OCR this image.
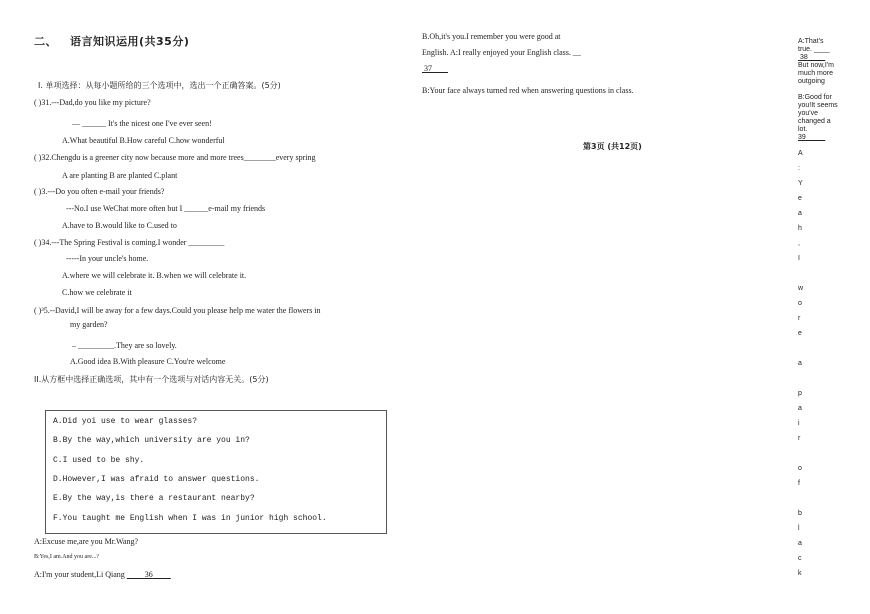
二、 语言知识运用(共35分)
I. 单项选择：从每小题所给的三个选项中，选出一个正确答案。(5分)
( )31.---Dad,do you like my picture?
— ______ It's the nicest one I've ever seen!
A.What beautiful B.How careful C.how wonderful
( )32.Chengdu is a greener city now because more and more trees________every spring
A are planting B are planted C.plant
( )3.---Do you often e-mail your friends?
---No.I use WeChat more often but I ______e-mail my friends
A.have to B.would like to C.used to
( )34.---The Spring Festival is coming.I wonder _________
-----In your uncle's home.
A.where we will celebrate it. B.when we will celebrate it.
C.how we celebrate it
( )³5.--David,I will be away for a few days.Could you please help me water the flowers in
my garden?
– _________.They are so lovely.
A.Good idea B.With pleasure C.You're welcome
II.从方框中选择正确选项，其中有一个选项与对话内容无关。(5分)
A.Did yoi use to wear glasses?
B.By the way,which university are you in?
C.I used to be shy.
D.However,I was afraid to answer questions.
E.By the way,is there a restaurant nearby?
F.You taught me English when I was in junior high school.
A:Excuse me,are you Mr.Wang?
B:Yes,I am.And you are...?
A:I'm your student,Li Qiang          36
B.Oh,it's you.I remember you were good at
English. A:I really enjoyed your English class. __
37
B:Your face always turned red when answering questions in class.
第3页 (共12页)
A:That's true. ____
38
But now,I'm much more outgoing
B:Good for you!It seems you've changed a lot.
39
A
:
Y
e
a
h
,
I
w
o
r
e
a
p
a
i
r
o
f
b
l
a
c
k
